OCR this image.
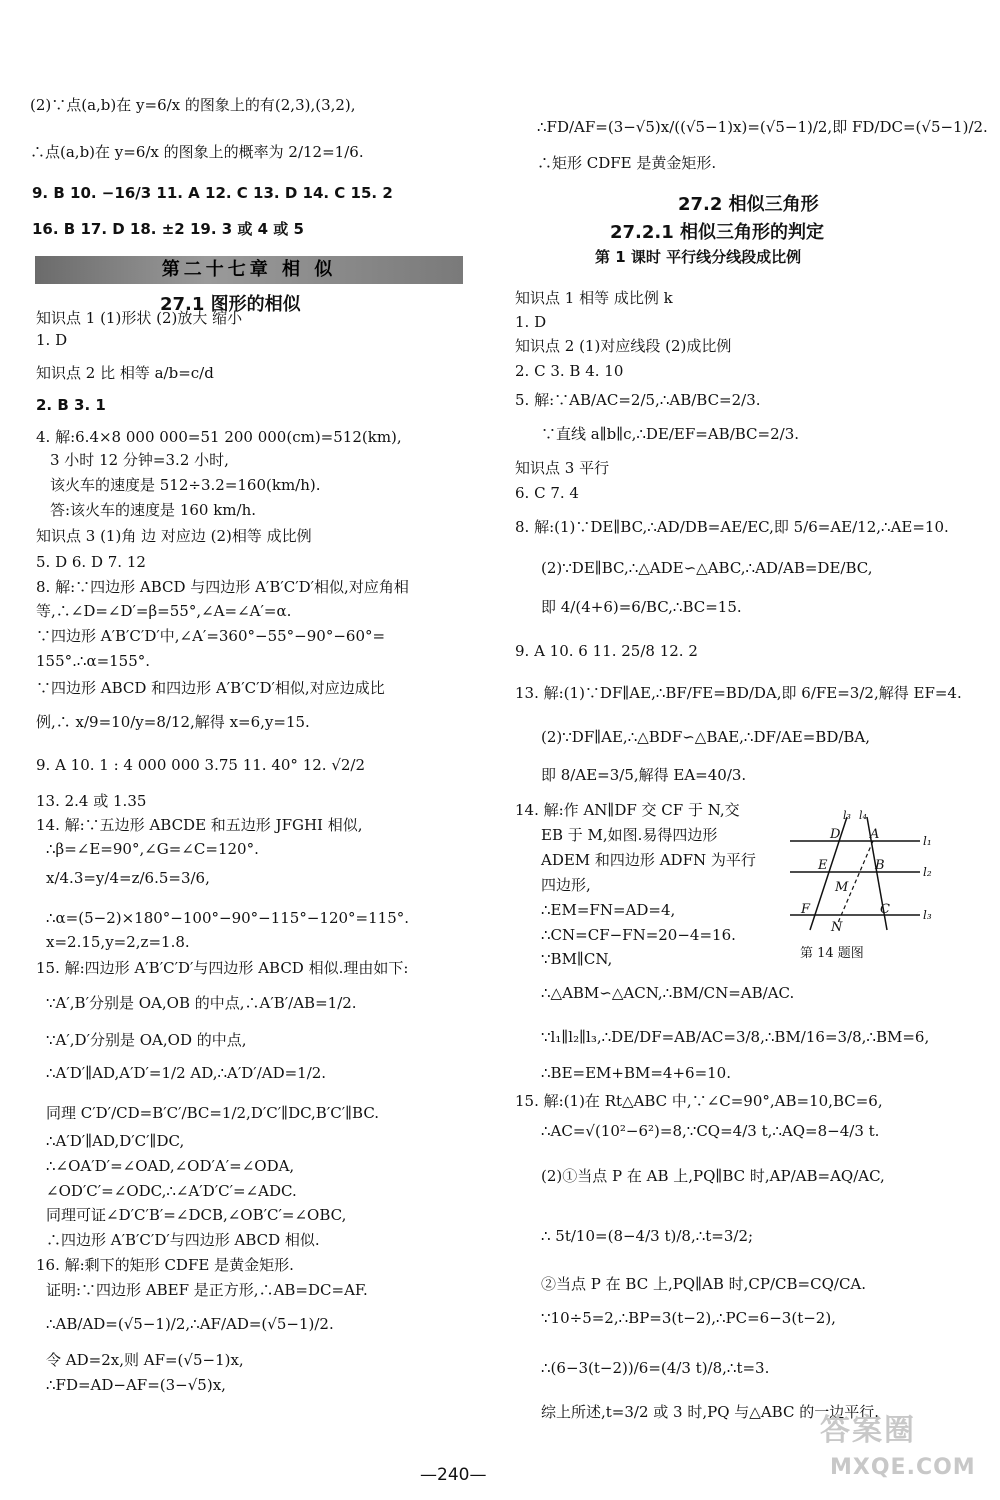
(2)∵点(a,b)在 y=6/x 的图象上的有(2,3),(3,2),
∴点(a,b)在 y=6/x 的图象上的概率为 2/12=1/6.
9. B 10. −16/3 11. A 12. C 13. D 14. C 15. 2
16. B 17. D 18. ±2 19. 3 或 4 或 5
知识点 1 (1)形状 (2)放大 缩小
1. D
知识点 2 比 相等 a/b=c/d
2. B 3. 1
4. 解:6.4×8 000 000=51 200 000(cm)=512(km),
3 小时 12 分钟=3.2 小时,
该火车的速度是 512÷3.2=160(km/h).
答:该火车的速度是 160 km/h.
知识点 3 (1)角 边 对应边 (2)相等 成比例
5. D 6. D 7. 12
8. 解:∵四边形 ABCD 与四边形 A′B′C′D′相似,对应角相
等,∴∠D=∠D′=β=55°,∠A=∠A′=α.
∵四边形 A′B′C′D′中,∠A′=360°−55°−90°−60°=
155°.∴α=155°.
∵四边形 ABCD 和四边形 A′B′C′D′相似,对应边成比
例,∴ x/9=10/y=8/12,解得 x=6,y=15.
9. A 10. 1 : 4 000 000 3.75 11. 40° 12. √2/2
13. 2.4 或 1.35
14. 解:∵五边形 ABCDE 和五边形 JFGHI 相似,
∴β=∠E=90°,∠G=∠C=120°.
x/4.3=y/4=z/6.5=3/6,
∴α=(5−2)×180°−100°−90°−115°−120°=115°.
x=2.15,y=2,z=1.8.
15. 解:四边形 A′B′C′D′与四边形 ABCD 相似.理由如下:
∵A′,B′分别是 OA,OB 的中点,∴A′B′/AB=1/2.
∵A′,D′分别是 OA,OD 的中点,
∴A′D′∥AD,A′D′=1/2 AD,∴A′D′/AD=1/2.
同理 C′D′/CD=B′C′/BC=1/2,D′C′∥DC,B′C′∥BC.
∴A′D′∥AD,D′C′∥DC,
∴∠OA′D′=∠OAD,∠OD′A′=∠ODA,
∠OD′C′=∠ODC,∴∠A′D′C′=∠ADC.
同理可证∠D′C′B′=∠DCB,∠OB′C′=∠OBC,
∴四边形 A′B′C′D′与四边形 ABCD 相似.
16. 解:剩下的矩形 CDFE 是黄金矩形.
证明:∵四边形 ABEF 是正方形,∴AB=DC=AF.
∴AB/AD=(√5−1)/2,∴AF/AD=(√5−1)/2.
令 AD=2x,则 AF=(√5−1)x,
∴FD=AD−AF=(3−√5)x,
∴FD/AF=(3−√5)x/((√5−1)x)=(√5−1)/2,即 FD/DC=(√5−1)/2.
∴矩形 CDFE 是黄金矩形.
知识点 1 相等 成比例 k
1. D
知识点 2 (1)对应线段 (2)成比例
2. C 3. B 4. 10
5. 解:∵AB/AC=2/5,∴AB/BC=2/3.
∵直线 a∥b∥c,∴DE/EF=AB/BC=2/3.
知识点 3 平行
6. C 7. 4
8. 解:(1)∵DE∥BC,∴AD/DB=AE/EC,即 5/6=AE/12,∴AE=10.
(2)∵DE∥BC,∴△ADE∽△ABC,∴AD/AB=DE/BC,
即 4/(4+6)=6/BC,∴BC=15.
9. A 10. 6 11. 25/8 12. 2
13. 解:(1)∵DF∥AE,∴BF/FE=BD/DA,即 6/FE=3/2,解得 EF=4.
(2)∵DF∥AE,∴△BDF∽△BAE,∴DF/AE=BD/BA,
即 8/AE=3/5,解得 EA=40/3.
14. 解:作 AN∥DF 交 CF 于 N,交
EB 于 M,如图.易得四边形
ADEM 和四边形 ADFN 为平行
四边形,
∴EM=FN=AD=4,
∴CN=CF−FN=20−4=16.
∵BM∥CN,
∴△ABM∽△ACN,∴BM/CN=AB/AC.
∵l₁∥l₂∥l₃,∴DE/DF=AB/AC=3/8,∴BM/16=3/8,∴BM=6,
∴BE=EM+BM=4+6=10.
15. 解:(1)在 Rt△ABC 中,∵∠C=90°,AB=10,BC=6,
∴AC=√(10²−6²)=8,∵CQ=4/3 t,∴AQ=8−4/3 t.
(2)①当点 P 在 AB 上,PQ∥BC 时,AP/AB=AQ/AC,
∴ 5t/10=(8−4/3 t)/8,∴t=3/2;
②当点 P 在 BC 上,PQ∥AB 时,CP/CB=CQ/CA.
∵10÷5=2,∴BP=3(t−2),∴PC=6−3(t−2),
∴(6−3(t−2))/6=(4/3 t)/8,∴t=3.
综上所述,t=3/2 或 3 时,PQ 与△ABC 的一边平行.
第二十七章 相 似
27.1 图形的相似
27.2 相似三角形
27.2.1 相似三角形的判定
第 1 课时 平行线分线段成比例
l₃ l₄
D A	l₁
E	B	l₂
M
F	C	l₃
N
第 14 题图
—240—
答案圈
MXQE.COM
